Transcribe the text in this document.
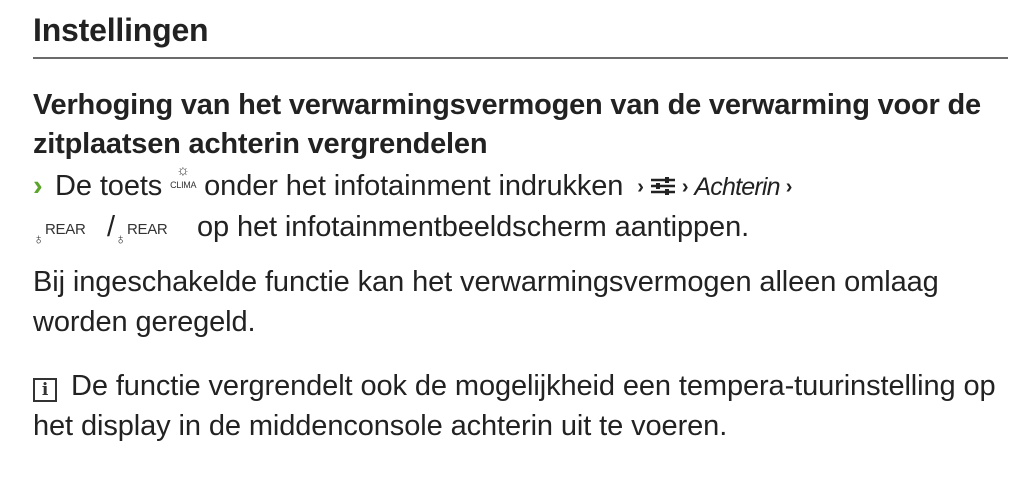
Instellingen
Verhoging van het verwarmingsvermogen van de verwarming voor de zitplaatsen achterin vergrendelen
› De toets ☼
CLIMA onder het infotainment indrukken › › Achterin ›

♁
REAR / ♁
REAR op het infotainmentbeeldscherm aantippen.
Bij ingeschakelde functie kan het verwarmingsvermogen alleen omlaag worden geregeld.
i De functie vergrendelt ook de mogelijkheid een tempera-tuurinstelling op het display in de middenconsole achterin uit te voeren.
